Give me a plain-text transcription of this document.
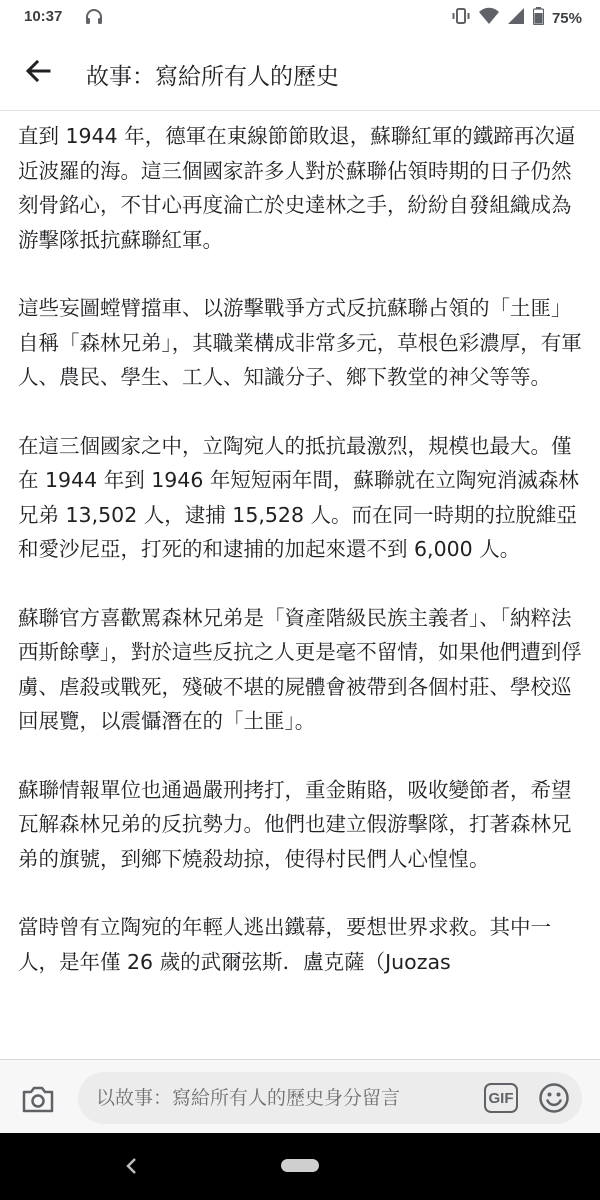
10:37	75%
故事：寫給所有人的歷史

直到 1944 年，德軍在東線節節敗退，蘇聯紅軍的鐵蹄再次逼近波羅的海。這三個國家許多人對於蘇聯佔領時期的日子仍然刻骨銘心，不甘心再度淪亡於史達林之手，紛紛自發組織成為游擊隊抵抗蘇聯紅軍。

這些妄圖螳臂擋車、以游擊戰爭方式反抗蘇聯占領的「土匪」自稱「森林兄弟」，其職業構成非常多元，草根色彩濃厚，有軍人、農民、學生、工人、知識分子、鄉下教堂的神父等等。

在這三個國家之中，立陶宛人的抵抗最激烈，規模也最大。僅在 1944 年到 1946 年短短兩年間，蘇聯就在立陶宛消滅森林兄弟 13,502 人，逮捕 15,528 人。而在同一時期的拉脫維亞和愛沙尼亞，打死的和逮捕的加起來還不到 6,000 人。

蘇聯官方喜歡罵森林兄弟是「資產階級民族主義者」、「納粹法西斯餘孽」，對於這些反抗之人更是毫不留情，如果他們遭到俘虜、虐殺或戰死，殘破不堪的屍體會被帶到各個村莊、學校巡回展覽，以震懾潛在的「土匪」。

蘇聯情報單位也通過嚴刑拷打，重金賄賂，吸收變節者，希望瓦解森林兄弟的反抗勢力。他們也建立假游擊隊，打著森林兄弟的旗號，到鄉下燒殺劫掠，使得村民們人心惶惶。

當時曾有立陶宛的年輕人逃出鐵幕，要想世界求救。其中一人，是年僅 26 歲的武爾弦斯．盧克薩（Juozas

以故事：寫給所有人的歷史身分留言
GIF
